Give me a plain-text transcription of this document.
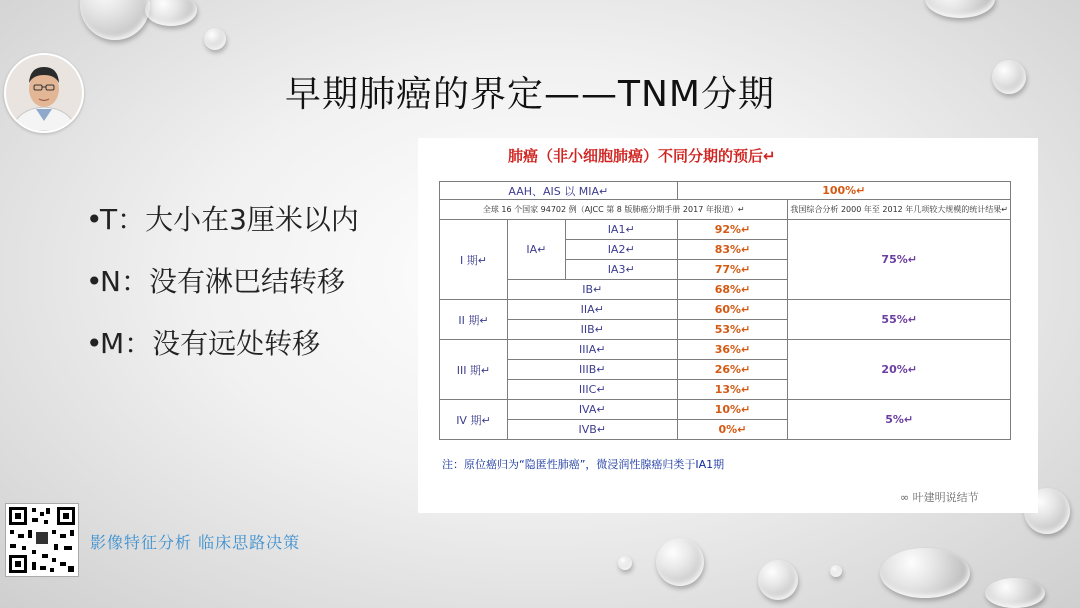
早期肺癌的界定——TNM分期
•T：大小在3厘米以内
•N：没有淋巴结转移
•M：没有远处转移
肺癌（非小细胞肺癌）不同分期的预后↵
AAH、AIS 以 MIA↵			100%↵	
全球 16 个国家 94702 例（AJCC 第 8 版肺癌分期手册 2017 年报道）↵				我国综合分析 2000 年至 2012 年几项较大规模的统计结果↵
I 期↵	IA↵	IA1↵	92%↵	75%↵
		IA2↵	83%↵	
		IA3↵	77%↵	
	IB↵		68%↵	
II 期↵	IIA↵		60%↵	55%↵
	IIB↵		53%↵	
III 期↵	IIIA↵		36%↵	20%↵
	IIIB↵		26%↵	
	IIIC↵		13%↵	
IV 期↵	IVA↵		10%↵	5%↵
	IVB↵		0%↵	
注：原位癌归为“隐匿性肺癌”，微浸润性腺癌归类于ⅠA1期
∞ 叶建明说结节
影像特征分析 临床思路决策
